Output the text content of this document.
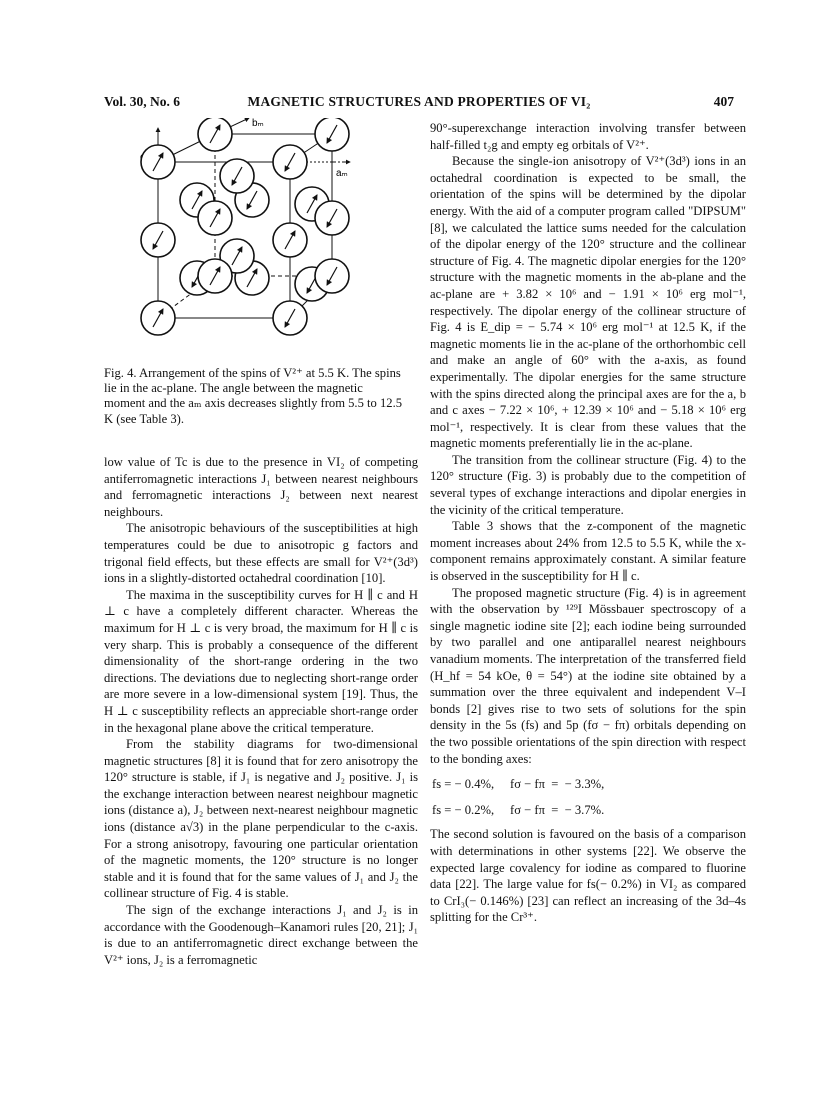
Vol. 30, No. 6	MAGNETIC STRUCTURES AND PROPERTIES OF VI₂	407
bₘ
aₘ
Fig. 4. Arrangement of the spins of V²⁺ at 5.5 K. The spins lie in the ac-plane. The angle between the magnetic moment and the aₘ axis decreases slightly from 5.5 to 12.5 K (see Table 3).

low value of Tc is due to the presence in VI₂ of competing antiferromagnetic interactions J₁ between nearest neighbours and ferromagnetic interactions J₂ between next nearest neighbours.

The anisotropic behaviours of the susceptibilities at high temperatures could be due to anisotropic g factors and trigonal field effects, but these effects are small for V²⁺(3d³) ions in a slightly-distorted octahedral coordination [10].

The maxima in the susceptibility curves for H ∥ c and H ⊥ c have a completely different character. Whereas the maximum for H ⊥ c is very broad, the maximum for H ∥ c is very sharp. This is probably a consequence of the different dimensionality of the short-range ordering in the two directions. The deviations due to neglecting short-range order are more severe in a low-dimensional system [19]. Thus, the H ⊥ c susceptibility reflects an appreciable short-range order in the hexagonal plane above the critical temperature.

From the stability diagrams for two-dimensional magnetic structures [8] it is found that for zero anisotropy the 120° structure is stable, if J₁ is negative and J₂ positive. J₁ is the exchange interaction between nearest neighbour magnetic ions (distance a), J₂ between next-nearest neighbour magnetic ions (distance a√3) in the plane perpendicular to the c-axis. For a strong anisotropy, favouring one particular orientation of the magnetic moments, the 120° structure is no longer stable and it is found that for the same values of J₁ and J₂ the collinear structure of Fig. 4 is stable.

The sign of the exchange interactions J₁ and J₂ is in accordance with the Goodenough–Kanamori rules [20, 21]; J₁ is due to an antiferromagnetic direct exchange between the V²⁺ ions, J₂ is a ferromagnetic

90°-superexchange interaction involving transfer between half-filled t₂g and empty eg orbitals of V²⁺.

Because the single-ion anisotropy of V²⁺(3d³) ions in an octahedral coordination is expected to be small, the orientation of the spins will be determined by the dipolar energy. With the aid of a computer program called "DIPSUM" [8], we calculated the lattice sums needed for the calculation of the dipolar energy of the 120° structure and the collinear structure of Fig. 4. The magnetic dipolar energies for the 120° structure with the magnetic moments in the ab-plane and the ac-plane are + 3.82 × 10⁶ and − 1.91 × 10⁶ erg mol⁻¹, respectively. The dipolar energy of the collinear structure of Fig. 4 is E_dip = − 5.74 × 10⁶ erg mol⁻¹ at 12.5 K, if the magnetic moments lie in the ac-plane of the orthorhombic cell and make an angle of 60° with the a-axis, as found experimentally. The dipolar energies for the same structure with the spins directed along the principal axes are for the a, b and c axes − 7.22 × 10⁶, + 12.39 × 10⁶ and − 5.18 × 10⁶ erg mol⁻¹, respectively. It is clear from these values that the magnetic moments preferentially lie in the ac-plane.

The transition from the collinear structure (Fig. 4) to the 120° structure (Fig. 3) is probably due to the competition of several types of exchange interactions and dipolar energies in the vicinity of the critical temperature.

Table 3 shows that the z-component of the magnetic moment increases about 24% from 12.5 to 5.5 K, while the x-component remains approximately constant. A similar feature is observed in the susceptibility for H ∥ c.

The proposed magnetic structure (Fig. 4) is in agreement with the observation by ¹²⁹I Mössbauer spectroscopy of a single magnetic iodine site [2]; each iodine being surrounded by two parallel and one antiparallel nearest neighbours vanadium moments. The interpretation of the transferred field (H_hf = 54 kOe, θ = 54°) at the iodine site obtained by a summation over the three equivalent and independent V–I bonds [2] gives rise to two sets of solutions for the spin density in the 5s (fs) and 5p (fσ − fπ) orbitals depending on the two possible orientations of the spin direction with respect to the bonding axes:

fs = − 0.4%, fσ − fπ  =  − 3.3%,
fs = − 0.2%, fσ − fπ  =  − 3.7%.

The second solution is favoured on the basis of a comparison with determinations in other systems [22]. We observe the expected large covalency for iodine as compared to fluorine data [22]. The large value for fs(− 0.2%) in VI₂ as compared to CrI₃(− 0.146%) [23] can reflect an increasing of the 3d–4s splitting for the Cr³⁺.
